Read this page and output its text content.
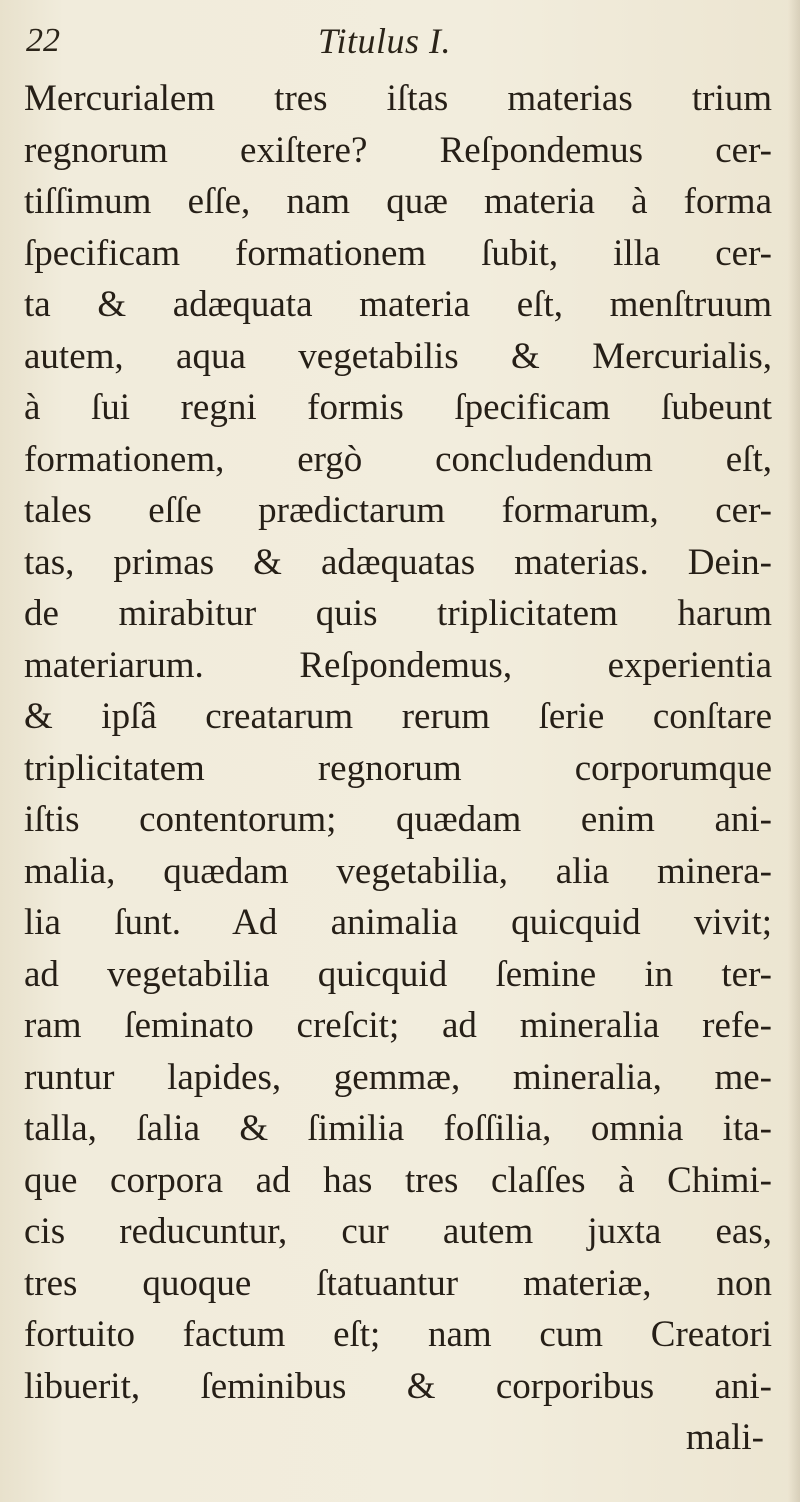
22	Titulus I.
Mercurialem tres iſtas materias trium
regnorum exiſtere? Reſpondemus cer-
tiſſimum eſſe, nam quæ materia à forma
ſpecificam formationem ſubit, illa cer-
ta & adæquata materia eſt, menſtruum
autem, aqua vegetabilis & Mercurialis,
à ſui regni formis ſpecificam ſubeunt
formationem, ergò concludendum eſt,
tales eſſe prædictarum formarum, cer-
tas, primas & adæquatas materias. Dein-
de mirabitur quis triplicitatem harum
materiarum. Reſpondemus, experientia
& ipſâ creatarum rerum ſerie conſtare
triplicitatem regnorum corporumque
iſtis contentorum; quædam enim ani-
malia, quædam vegetabilia, alia minera-
lia ſunt. Ad animalia quicquid vivit;
ad vegetabilia quicquid ſemine in ter-
ram ſeminato creſcit; ad mineralia refe-
runtur lapides, gemmæ, mineralia, me-
talla, ſalia & ſimilia foſſilia, omnia ita-
que corpora ad has tres claſſes à Chimi-
cis reducuntur, cur autem juxta eas,
tres quoque ſtatuantur materiæ, non
fortuito factum eſt; nam cum Creatori
libuerit, ſeminibus & corporibus ani-
mali-
